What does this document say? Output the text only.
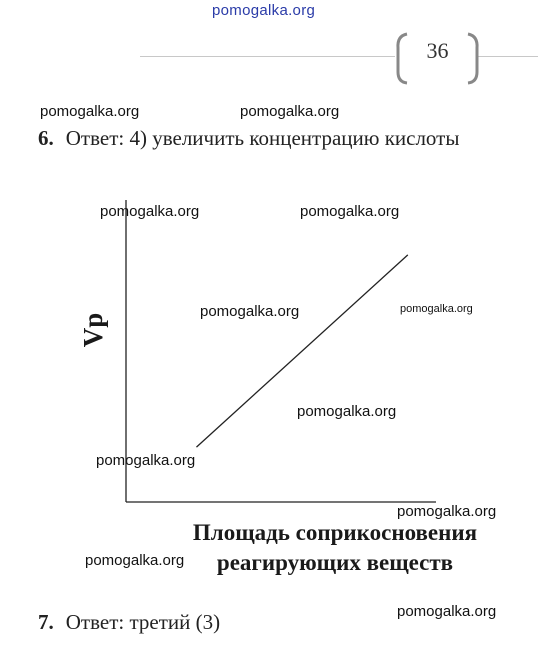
pomogalka.org
36
pomogalka.org	pomogalka.org
6. Ответ: 4) увеличить концентрацию кислоты
pomogalka.org	pomogalka.org
pomogalka.org	pomogalka.org
pomogalka.org
pomogalka.org
pomogalka.org
pomogalka.org
pomogalka.org
Vp
Площадь соприкосновения
реагирующих веществ
7. Ответ: третий (3)
